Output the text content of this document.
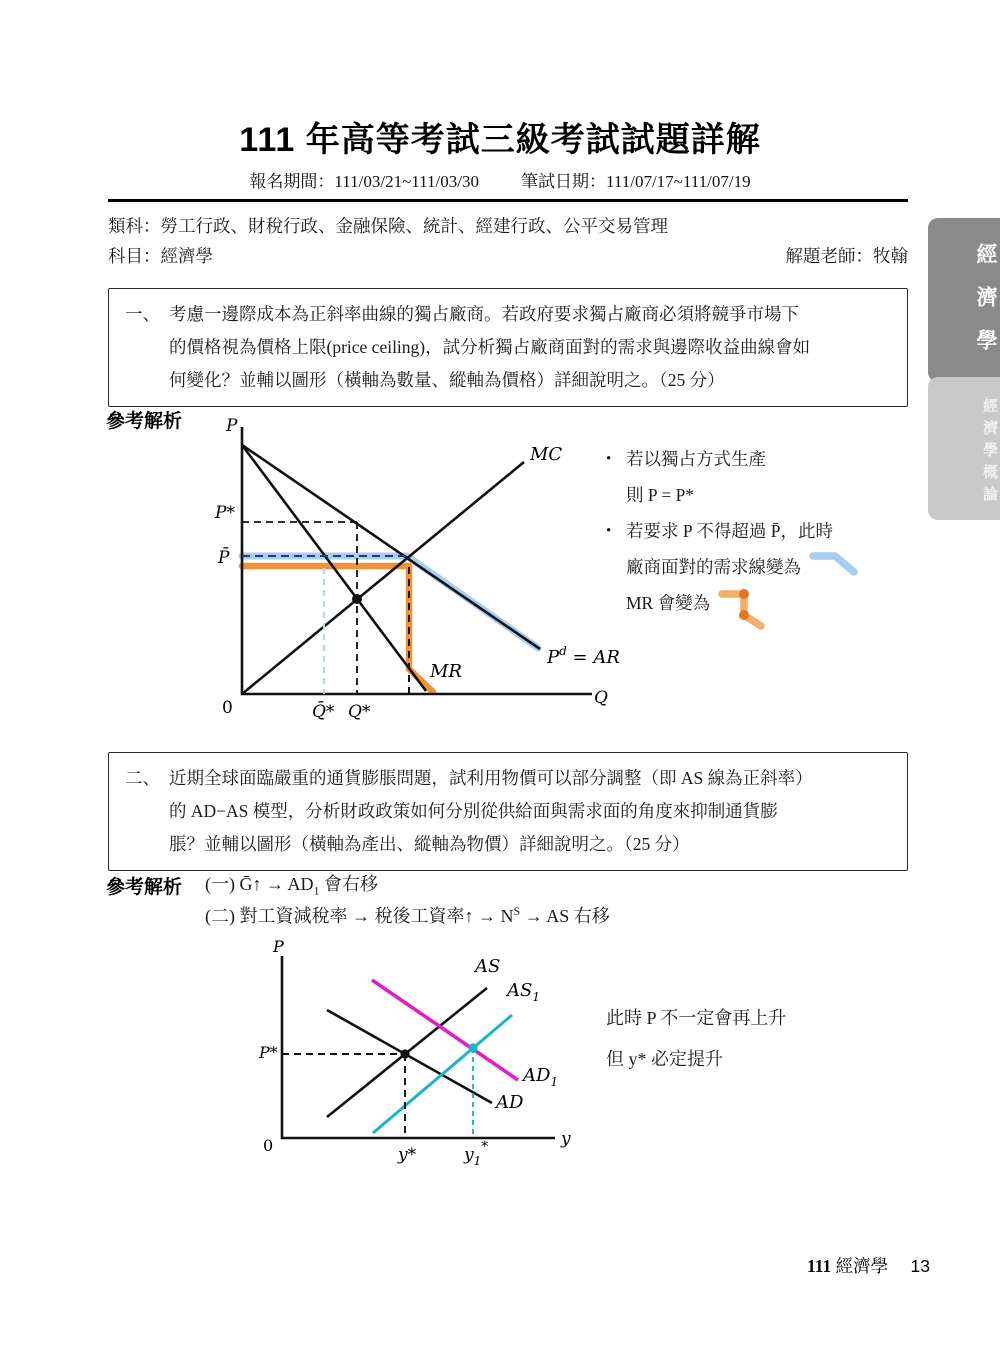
111 年高等考試三級考試試題詳解
報名期間：111/03/21~111/03/30 筆試日期：111/07/17~111/07/19
類科：勞工行政、財稅行政、金融保險、統計、經建行政、公平交易管理
科目：經濟學	解題老師：牧翰
一、 考慮一邊際成本為正斜率曲線的獨占廠商。若政府要求獨占廠商必須將競爭市場下
的價格視為價格上限(price ceiling)，試分析獨占廠商面對的需求與邊際收益曲線會如
何變化？並輔以圖形（橫軸為數量、縱軸為價格）詳細說明之。（25 分）
參考解析	P
0	Q
MC
MR
$P^d$ = AR
P*
P̄
Q̄* Q*
• 若以獨占方式生產
則 P = P*
• 若要求 P 不得超過 P̄，此時
廠商面對的需求線變為
MR 會變為
二、 近期全球面臨嚴重的通貨膨脹問題，試利用物價可以部分調整（即 AS 線為正斜率）
的 AD−AS 模型，分析財政政策如何分別從供給面與需求面的角度來抑制通貨膨
脹？並輔以圖形（橫軸為產出、縱軸為物價）詳細說明之。（25 分）
參考解析 (一) Ḡ↑ → $AD_1$ 會右移
(二) 對工資減稅率 → 稅後工資率↑ → $N^S$ → AS 右移
P
0	y
AS
$AS_1$
AD
$AD_1$
P*
y*	$y_1^*$
此時 P 不一定會再上升
但 y* 必定提升
經濟學
經濟學概論
111 經濟學 13
